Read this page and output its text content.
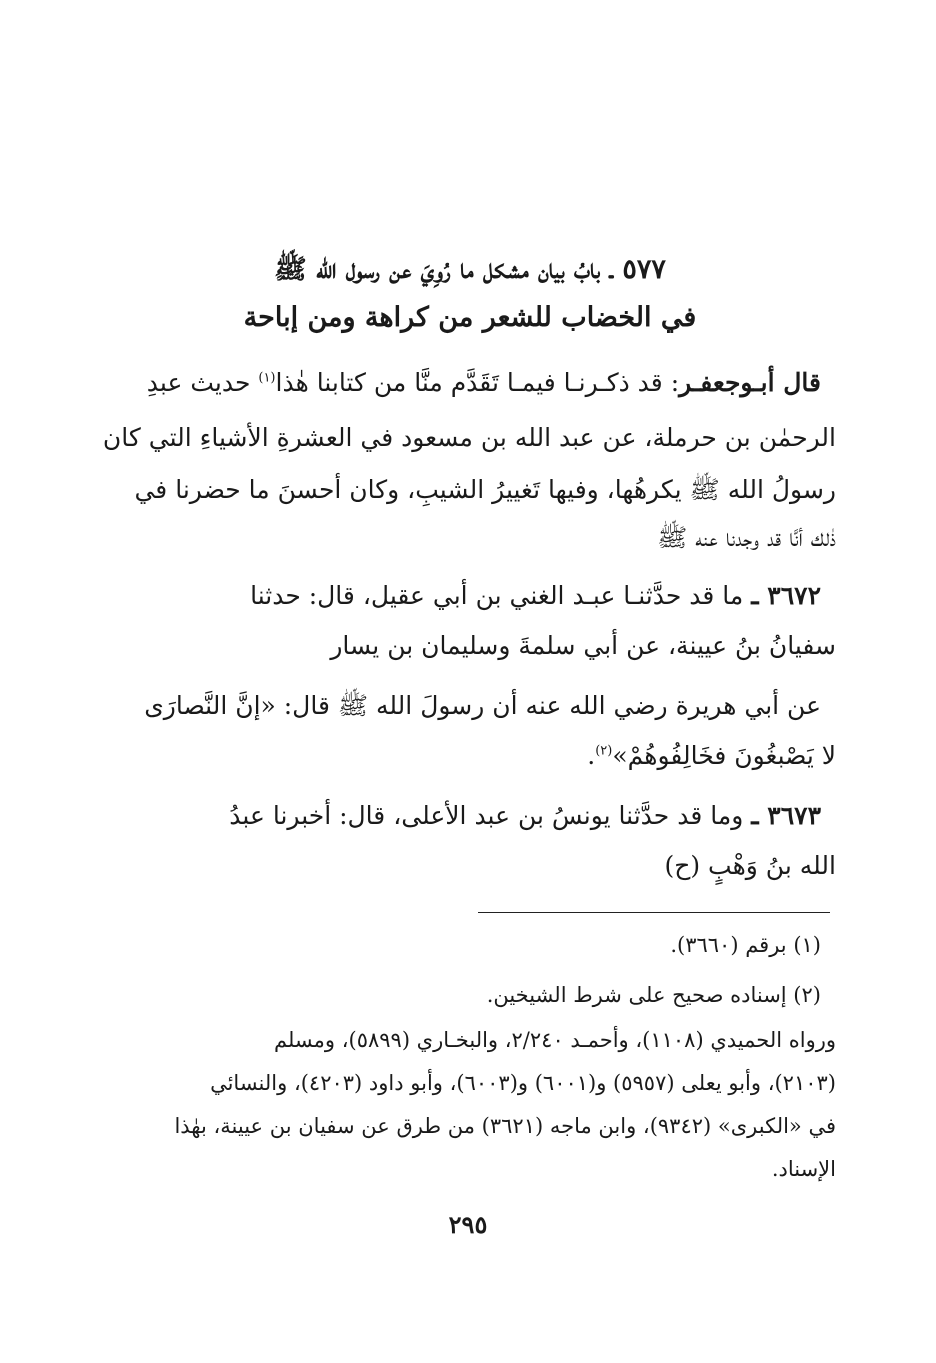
٥٧٧ ـ بابُ بيان مشكل ما رُوِيَ عن رسول الله ﷺ
في الخضاب للشعر من كراهة ومن إباحة
قال أبـوجعفـر: قد ذكـرنـا فيمـا تَقَدَّم منَّا من كتابنا هٰذا$^{(١)}$ حديث عبدِ
الرحمٰن بن حرملة، عن عبد الله بن مسعود في العشرةِ الأشياءِ التي كان
رسولُ الله ﷺ يكرهُها، وفيها تَغييرُ الشيبِ، وكان أحسنَ ما حضرنا في
ذٰلك أنَّا قد وجدنا عنه ﷺ
٣٦٧٢ ـ ما قد حدَّثنـا عبـد الغني بن أبي عقيل، قال: حدثنا
سفيانُ بنُ عيينة، عن أبي سلمةَ وسليمان بن يسار
عن أبي هريرة رضي الله عنه أن رسولَ الله ﷺ قال: «إنَّ النَّصارَى
لا يَصْبغُونَ فخَالِفُوهُمْ»$^{(٢)}$.
٣٦٧٣ ـ وما قد حدَّثنا يونسُ بن عبد الأعلى، قال: أخبرنا عبدُ
الله بنُ وَهْبٍ (ح)
(١) برقم (٣٦٦٠).
(٢) إسناده صحيح على شرط الشيخين.
ورواه الحميدي (١١٠٨)، وأحمـد ٢/٢٤٠، والبخـاري (٥٨٩٩)، ومسلم
(٢١٠٣)، وأبو يعلى (٥٩٥٧) و(٦٠٠١) و(٦٠٠٣)، وأبو داود (٤٢٠٣)، والنسائي
في «الكبرى» (٩٣٤٢)، وابن ماجه (٣٦٢١) من طرق عن سفيان بن عيينة، بهٰذا
الإسناد.
٢٩٥
